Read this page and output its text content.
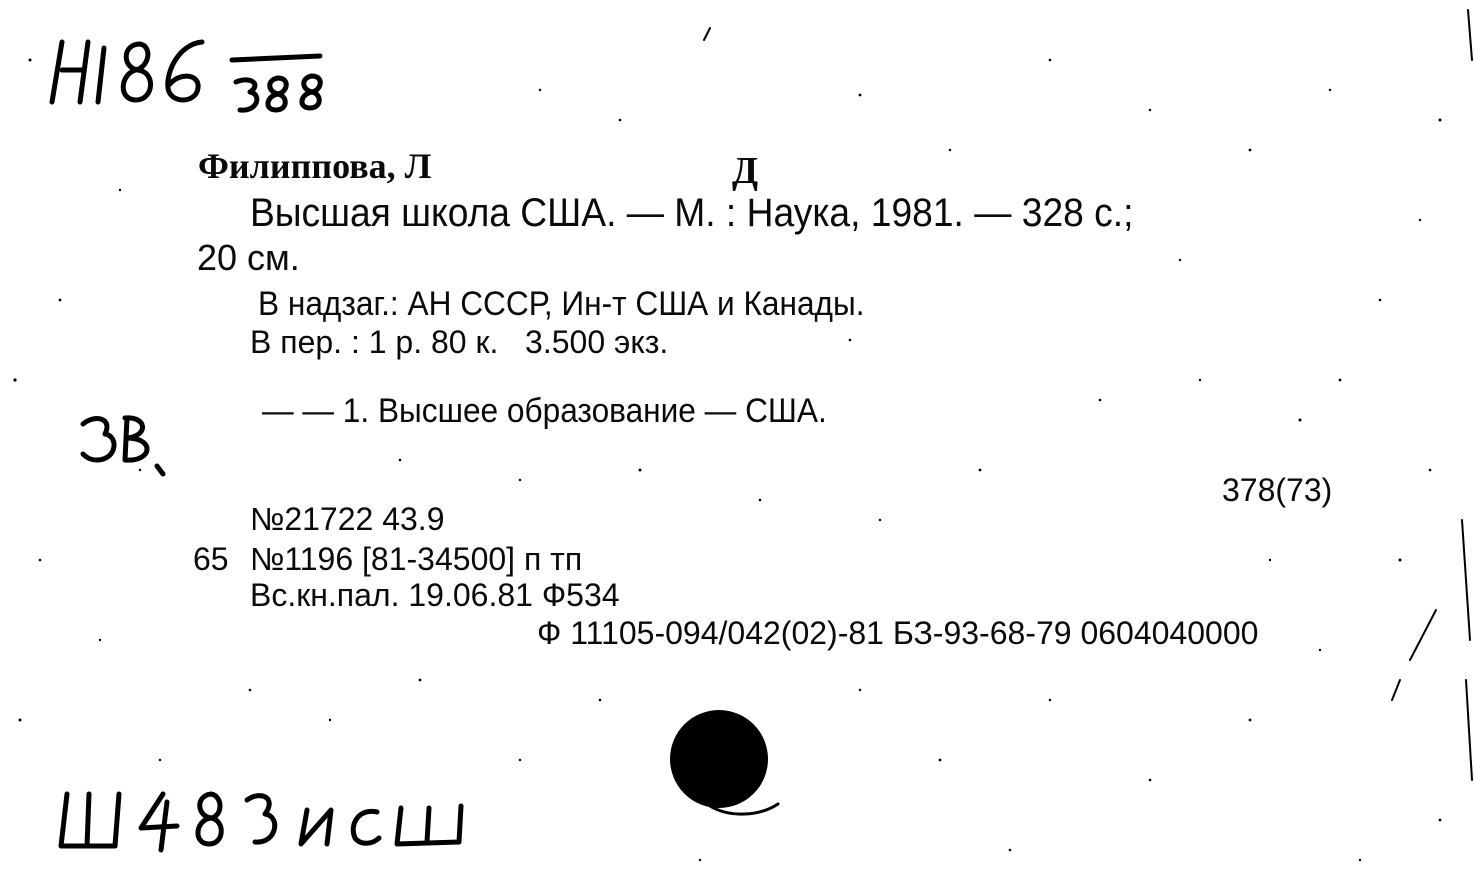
Филиппова, Л	Д
Высшая школа США. — М. : Наука, 1981. — 328 с.;
20 см.
В надзаг.: АН СССР, Ин-т США и Канады.
В пер. : 1 р. 80 к.   3.500 экз.
— — 1. Высшее образование — США.
378(73)
№21722 43.9
65 №1196 [81-34500] п тп
Вс.кн.пал. 19.06.81 Ф534
Ф 11105-094/042(02)-81 БЗ-93-68-79 0604040000
